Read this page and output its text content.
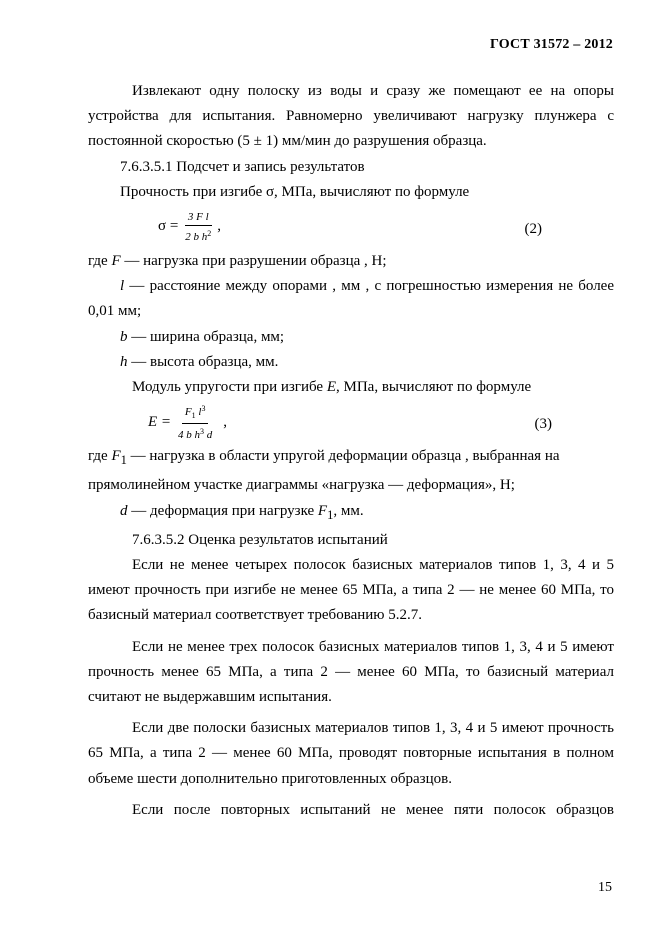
ГОСТ 31572 – 2012

Извлекают одну полоску из воды и сразу же помещают ее на опоры устройства для испытания. Равномерно увеличивают нагрузку плунжера с постоянной скоростью (5 ± 1) мм/мин до разрушения образца.

7.6.3.5.1 Подсчет и запись результатов

Прочность при изгибе σ, МПа, вычисляют по формуле

$\sigma = \frac{\text{3 F l}}{2 b h^2}$ ,	(2)

где F — нагрузка при разрушении образца , Н;

l — расстояние между опорами , мм , с погрешностью измерения не более 0,01 мм;

b — ширина образца, мм;

h — высота образца, мм.

Модуль упругости при изгибе E, МПа, вычисляют по формуле

$E = \frac{F_1 l^3}{4 b h^3 d}$ ,	(3)

где $F_1$ — нагрузка в области упругой деформации образца , выбранная на прямолинейном участке диаграммы «нагрузка — деформация», Н;

d — деформация при нагрузке $F_1$, мм.

7.6.3.5.2 Оценка результатов испытаний

Если не менее четырех полосок базисных материалов типов 1, 3, 4 и 5 имеют прочность при изгибе не менее 65 МПа, а типа 2 — не менее 60 МПа, то базисный материал соответствует требованию 5.2.7.

Если не менее трех полосок базисных материалов типов 1, 3, 4 и 5 имеют прочность менее 65 МПа, а типа 2 — менее 60 МПа, то базисный материал считают не выдержавшим испытания.

Если две полоски базисных материалов типов 1, 3, 4 и 5 имеют прочность 65 МПа, а типа 2 — менее 60 МПа, проводят повторные испытания в полном объеме шести дополнительно приготовленных образцов.

Если после повторных испытаний не менее пяти полосок образцов

15
